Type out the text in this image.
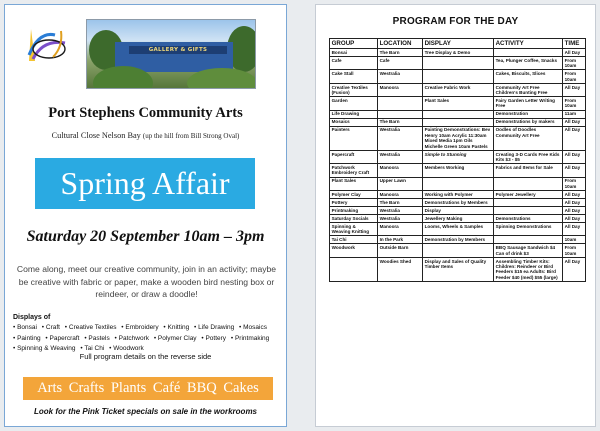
GALLERY & GIFTS
Port Stephens Community Arts
Cultural Close Nelson Bay (up the hill from Bill Strong Oval)
Spring Affair
Saturday 20 September 10am – 3pm
Come along, meet our creative community, join in an activity; maybe be creative with fabric or paper, make a wooden bird nesting box or reindeer, or draw a doodle!
Displays of
• Bonsai • Craft • Creative Textiles • Embroidery • Knitting • Life Drawing • Mosaics • Painting • Papercraft • Pastels • Patchwork • Polymer Clay • Pottery • Printmaking • Spinning & Weaving • Tai Chi • Woodwork
Full program details on the reverse side
Arts Crafts Plants Café BBQ Cakes
Look for the Pink Ticket specials on sale in the workrooms
PROGRAM FOR THE DAY
GROUP	LOCATION	DISPLAY	ACTIVITY	TIME
Bonsai	The Barn	Tree Display & Demo		All Day
Cafe	Cafe		Tea, Plunger Coffee, Snacks	From 10am
Cake Stall	Westralia		Cakes, Biscuits, Slices	From 10am
Creative Textiles (Fusion)	Manoora	Creative Fabric Work	Community Art Free Children's Bunting Free	All Day
Garden		Plant Sales	Fairy Garden Letter Writing Free	From 10am
Life Drawing			Demonstration	11am
Mosaics	The Barn		Demonstrations by makers	All Day
Painters	Westralia	Painting Demonstrations: Bev Henry 10am Acrylic 11:30am Mixed Media 1pm Oils Michelle Green 10am Pastels	Oodles of Doodles Community Art Free	All Day
Papercraft	Westralia	Simple to Stunning	Creating 3-D Cards Free Kids Kits $3 - $5	All Day
Patchwork Embroidery Craft	Manoora	Members Working	Fabrics and Items for Sale	All Day
Plant Sales	Upper Lawn			From 10am
Polymer Clay	Manoora	Working with Polymer	Polymer Jewellery	All Day
Pottery	The Barn	Demonstrations by Members		All Day
Printmaking	Westralia	Display		All Day
Saturday Socials	Westralia	Jewellery Making	Demonstrations	All Day
Spinning & Weaving Knitting	Manoora	Looms, Wheels & Samples	Spinning Demonstrations	All Day
Tai Chi	In the Park	Demonstration by Members		10am
Woodwork	Outside Barn		BBQ Sausage Sandwich $4 Can of drink $3	From 10am
	Woodies Shed	Display and Sales of Quality Timber Items	Assembling Timber Kits: Children: Reindeer or Bird Feeders $15 ea Adults: Bird Feeder $40 (med) $55 (large)	All Day
